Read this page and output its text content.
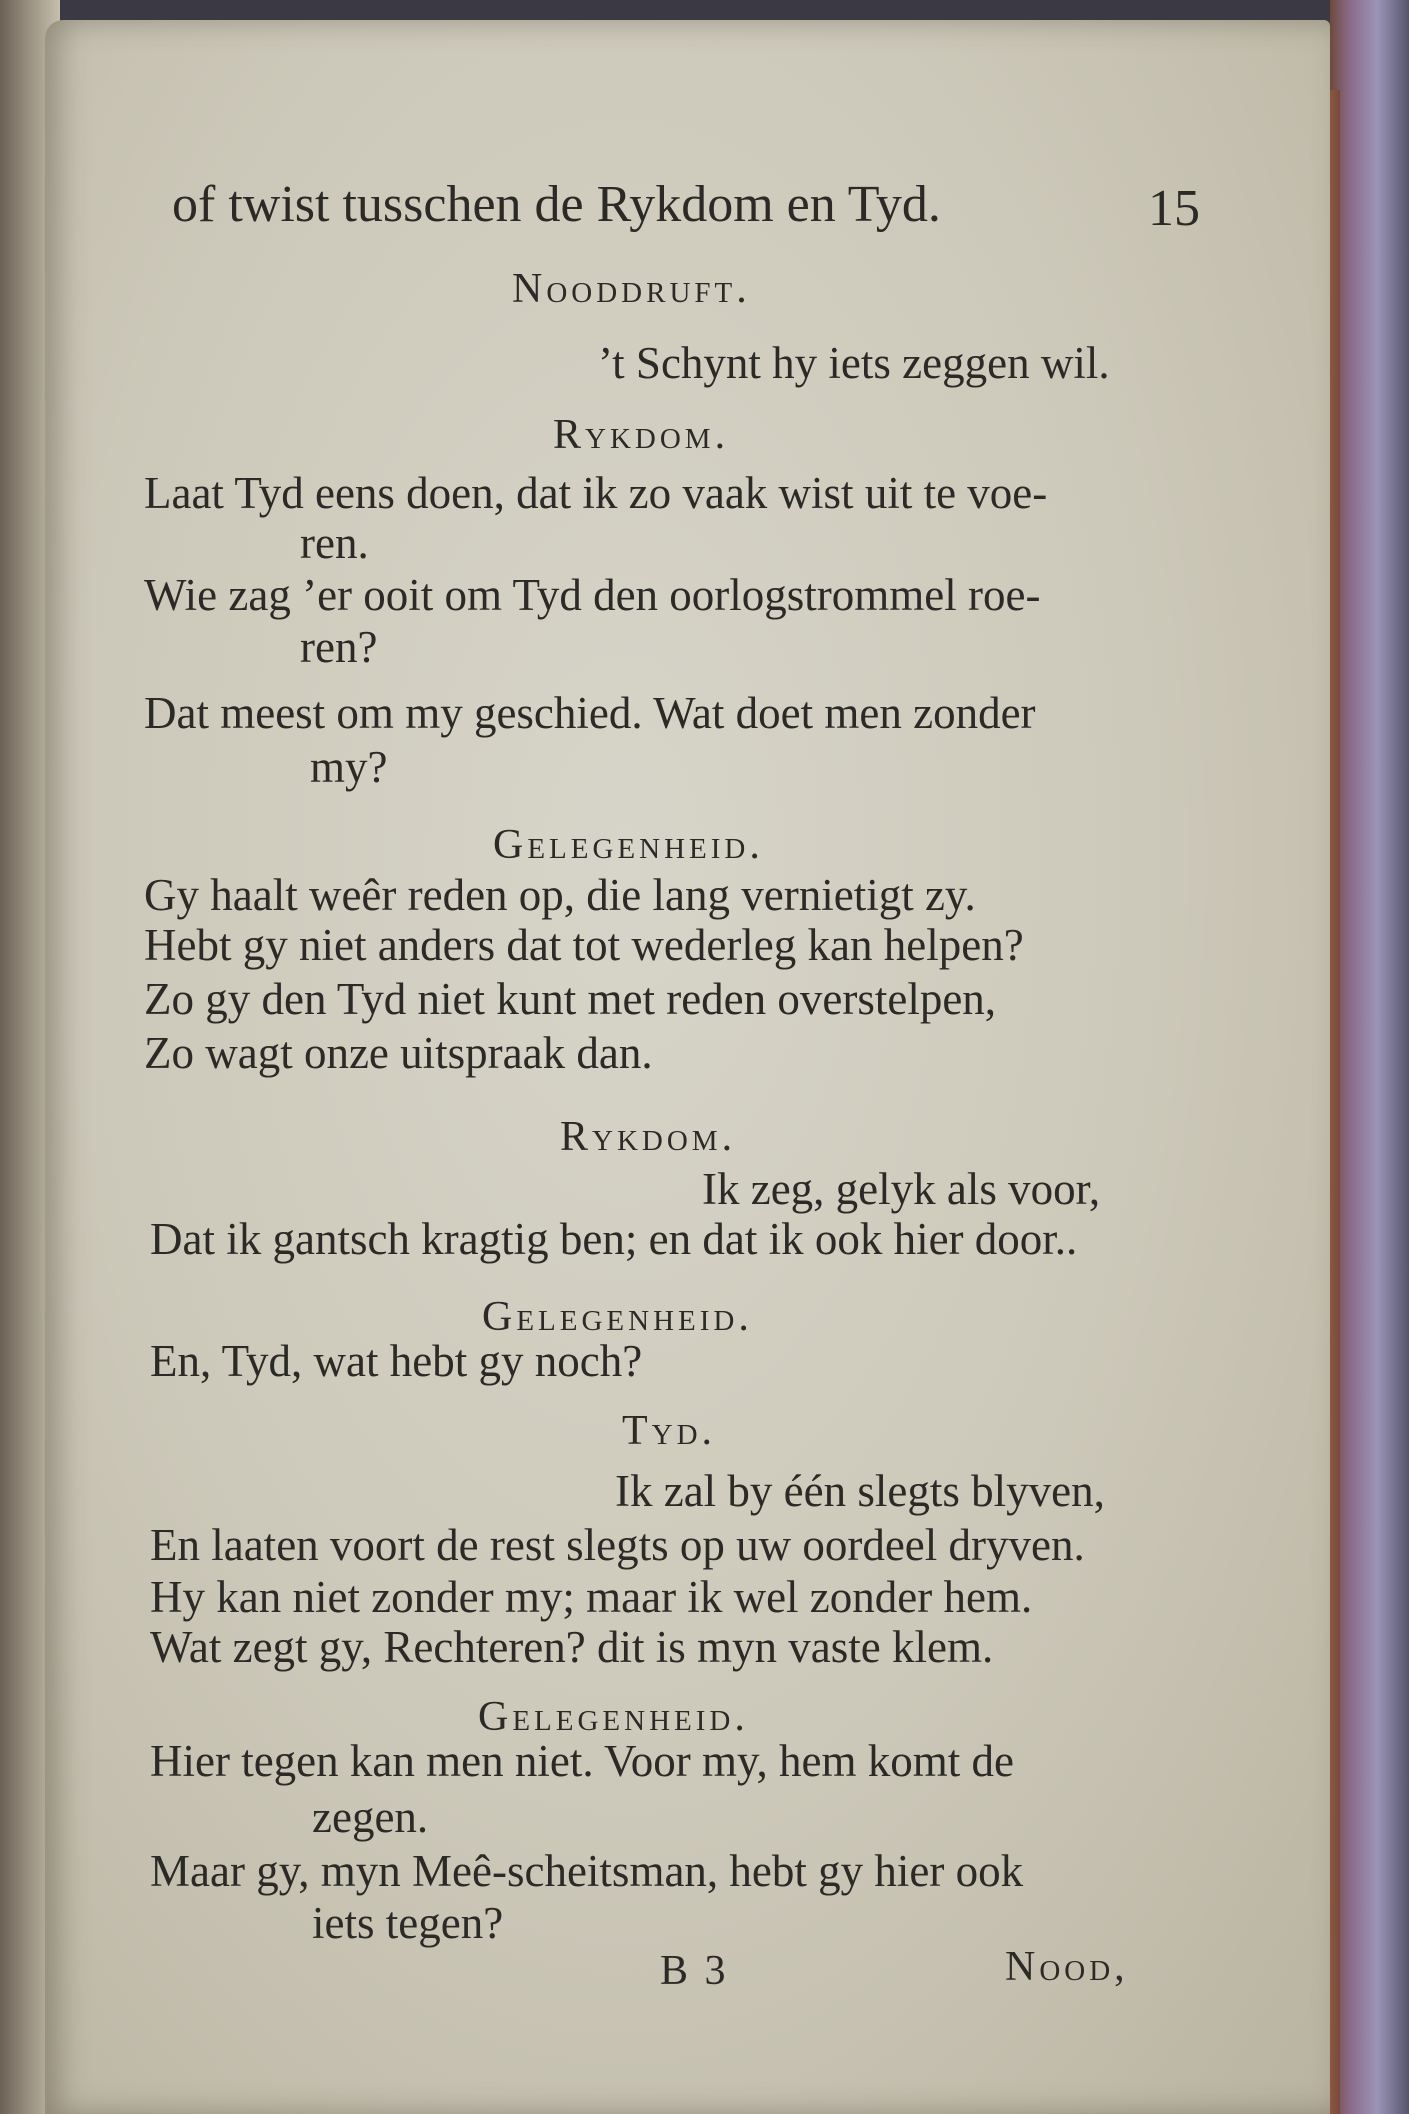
of twist tusschen de Rykdom en Tyd.	15

Nooddruft.

’t Schynt hy iets zeggen wil.

Rykdom.

Laat Tyd eens doen, dat ik zo vaak wist uit te voe-

ren.

Wie zag ’er ooit om Tyd den oorlogstrommel roe-

ren?

Dat meest om my geschied. Wat doet men zonder

my?

Gelegenheid.

Gy haalt weêr reden op, die lang vernietigt zy.

Hebt gy niet anders dat tot wederleg kan helpen?

Zo gy den Tyd niet kunt met reden overstelpen,

Zo wagt onze uitspraak dan.

Rykdom.

Ik zeg, gelyk als voor,

Dat ik gantsch kragtig ben; en dat ik ook hier door..

Gelegenheid.

En, Tyd, wat hebt gy noch?

Tyd.

Ik zal by één slegts blyven,

En laaten voort de rest slegts op uw oordeel dryven.

Hy kan niet zonder my; maar ik wel zonder hem.

Wat zegt gy, Rechteren? dit is myn vaste klem.

Gelegenheid.

Hier tegen kan men niet. Voor my, hem komt de

zegen.

Maar gy, myn Meê-scheitsman, hebt gy hier ook

iets tegen?

B 3	Nood,
